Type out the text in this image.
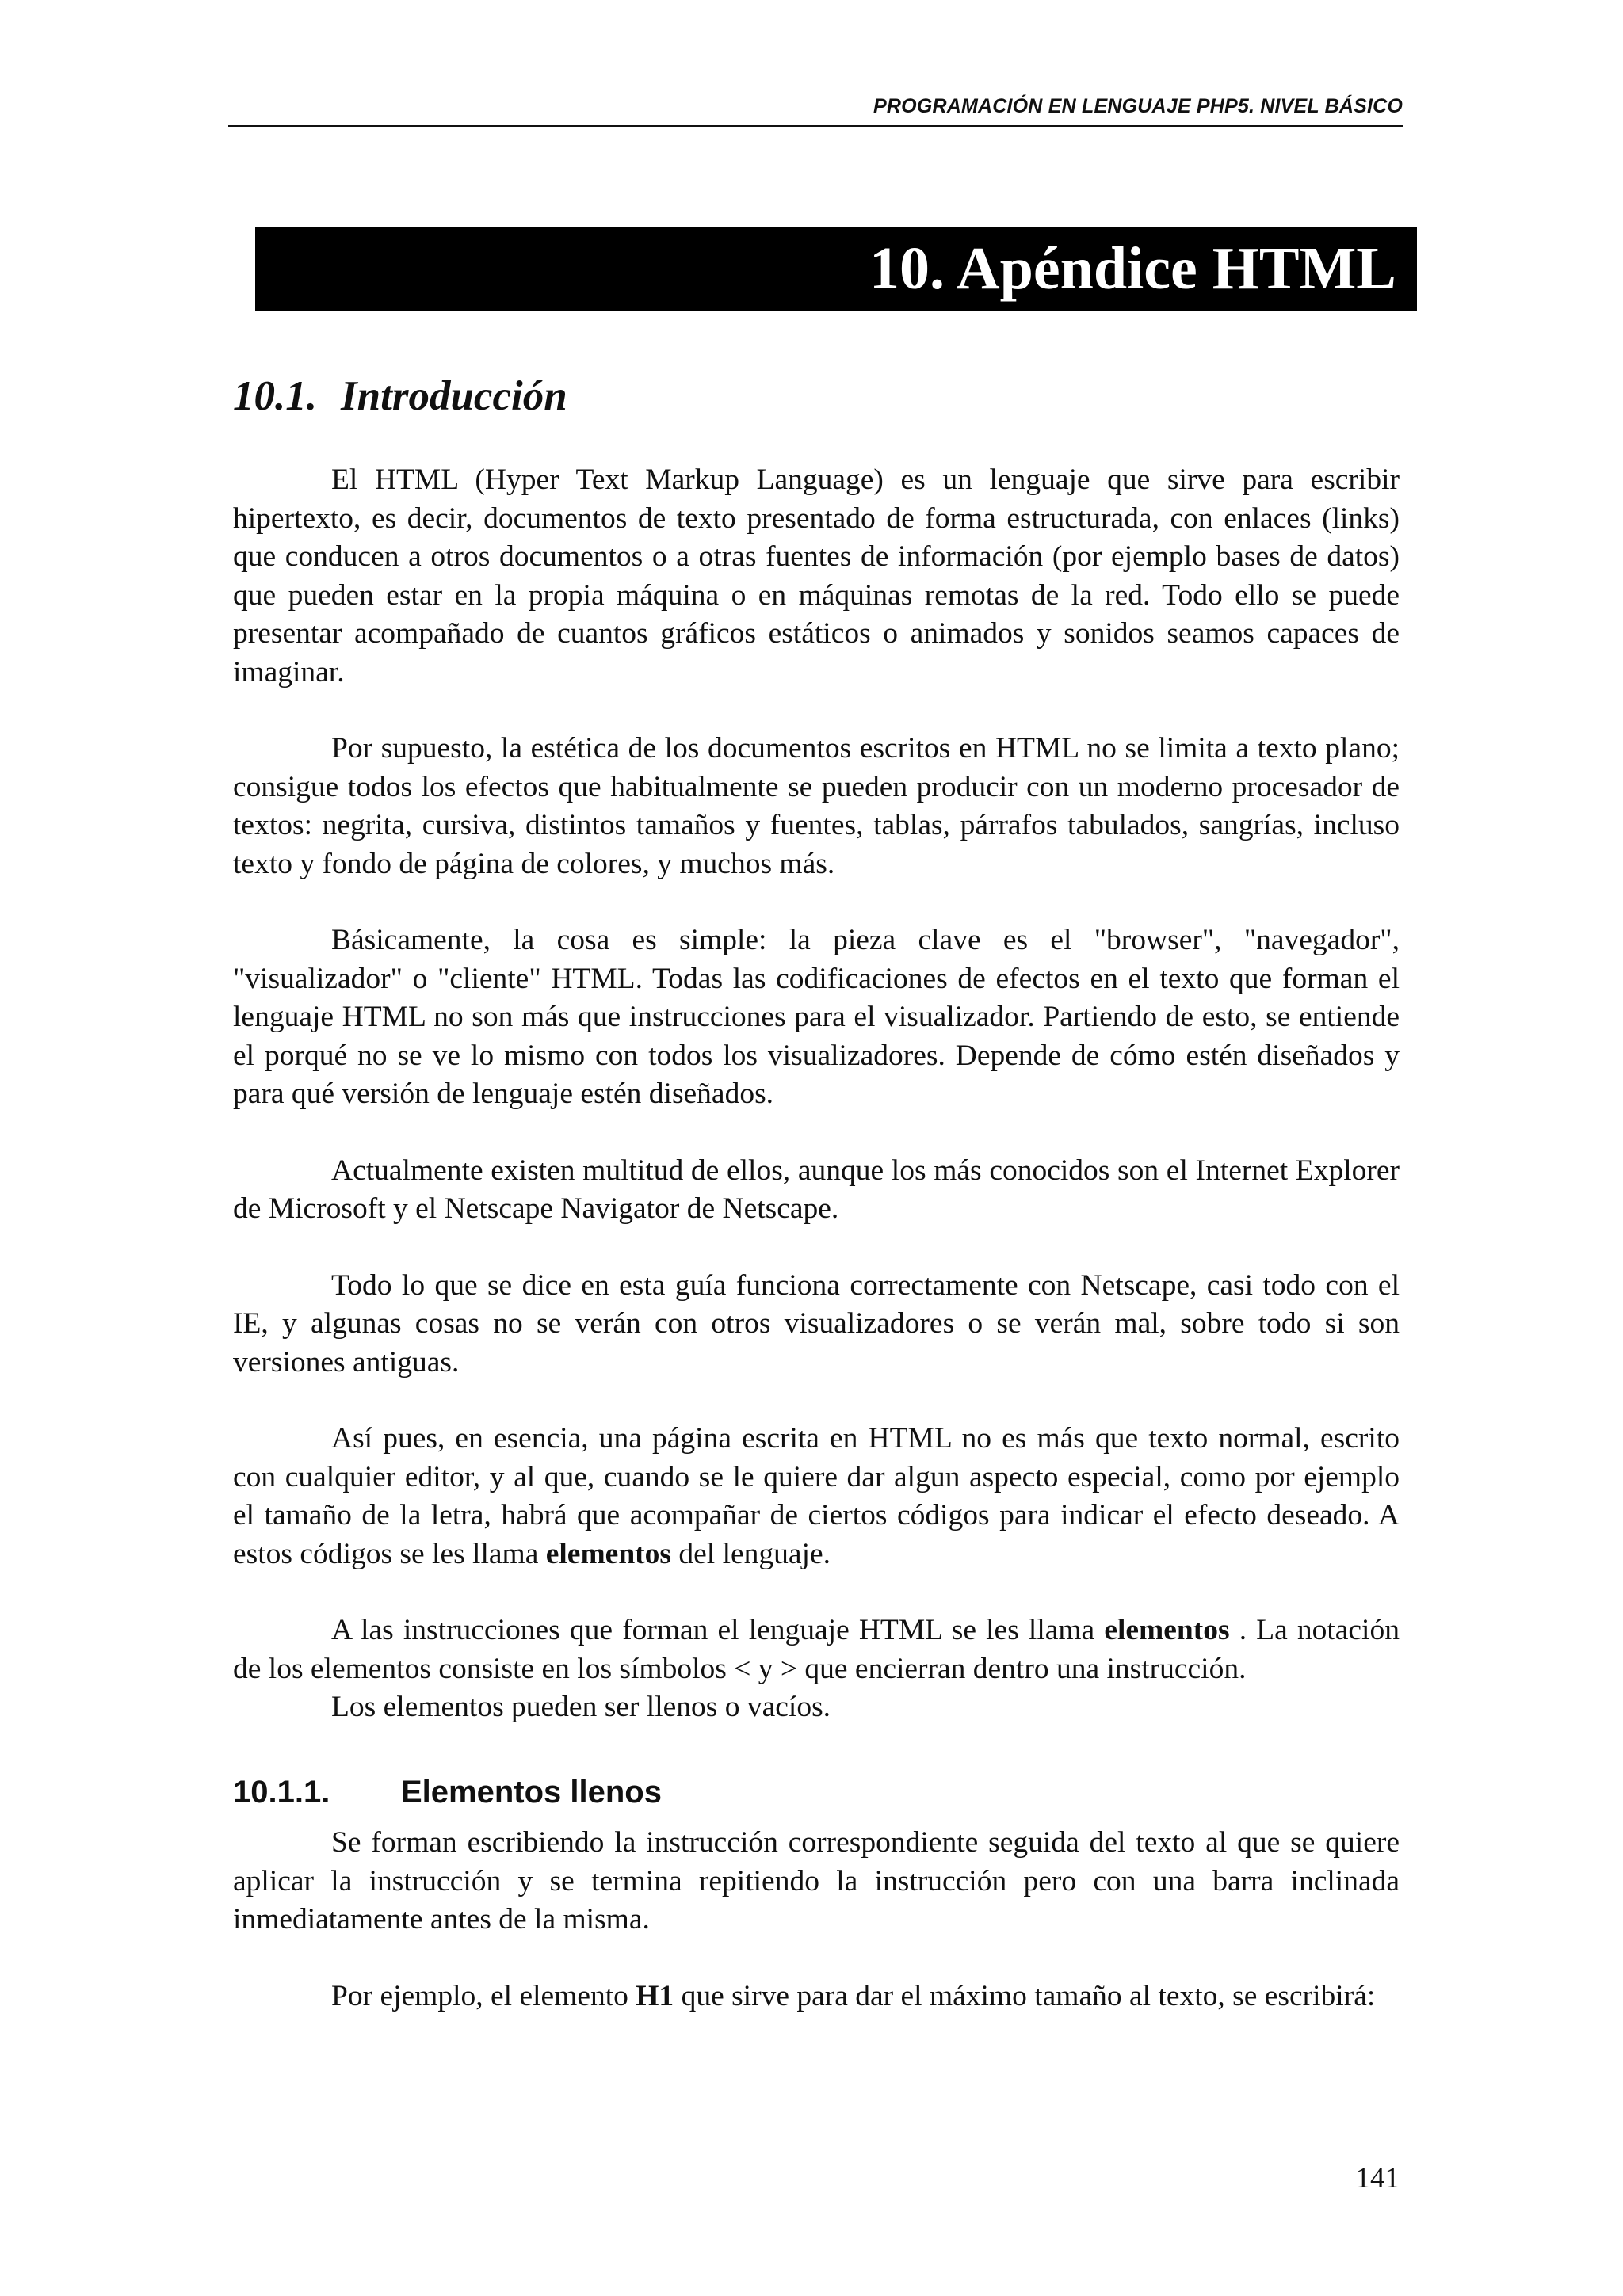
PROGRAMACIÓN EN LENGUAJE PHP5. NIVEL BÁSICO
10. Apéndice HTML
10.1. Introducción

El HTML (Hyper Text Markup Language) es un lenguaje que sirve para escribir hipertexto, es decir, documentos de texto presentado de forma estructurada, con enlaces (links) que conducen a otros documentos o a otras fuentes de información (por ejemplo bases de datos) que pueden estar en la propia máquina o en máquinas remotas de la red. Todo ello se puede presentar acompañado de cuantos gráficos estáticos o animados y sonidos seamos capaces de imaginar.

Por supuesto, la estética de los documentos escritos en HTML no se limita a texto plano; consigue todos los efectos que habitualmente se pueden producir con un moderno procesador de textos: negrita, cursiva, distintos tamaños y fuentes, tablas, párrafos tabulados, sangrías, incluso texto y fondo de página de colores, y muchos más.

Básicamente, la cosa es simple: la pieza clave es el "browser", "navegador", "visualizador" o "cliente" HTML. Todas las codificaciones de efectos en el texto que forman el lenguaje HTML no son más que instrucciones para el visualizador. Partiendo de esto, se entiende el porqué no se ve lo mismo con todos los visualizadores. Depende de cómo estén diseñados y para qué versión de lenguaje estén diseñados.

Actualmente existen multitud de ellos, aunque los más conocidos son el Internet Explorer de Microsoft y el Netscape Navigator de Netscape.

Todo lo que se dice en esta guía funciona correctamente con Netscape, casi todo con el IE, y algunas cosas no se verán con otros visualizadores o se verán mal, sobre todo si son versiones antiguas.

Así pues, en esencia, una página escrita en HTML no es más que texto normal, escrito con cualquier editor, y al que, cuando se le quiere dar algun aspecto especial, como por ejemplo el tamaño de la letra, habrá que acompañar de ciertos códigos para indicar el efecto deseado. A estos códigos se les llama elementos del lenguaje.

A las instrucciones que forman el lenguaje HTML se les llama elementos . La notación de los elementos consiste en los símbolos < y > que encierran dentro una instrucción.

Los elementos pueden ser llenos o vacíos.

10.1.1. Elementos llenos

Se forman escribiendo la instrucción correspondiente seguida del texto al que se quiere aplicar la instrucción y se termina repitiendo la instrucción pero con una barra inclinada inmediatamente antes de la misma.

Por ejemplo, el elemento H1 que sirve para dar el máximo tamaño al texto, se escribirá:

141
